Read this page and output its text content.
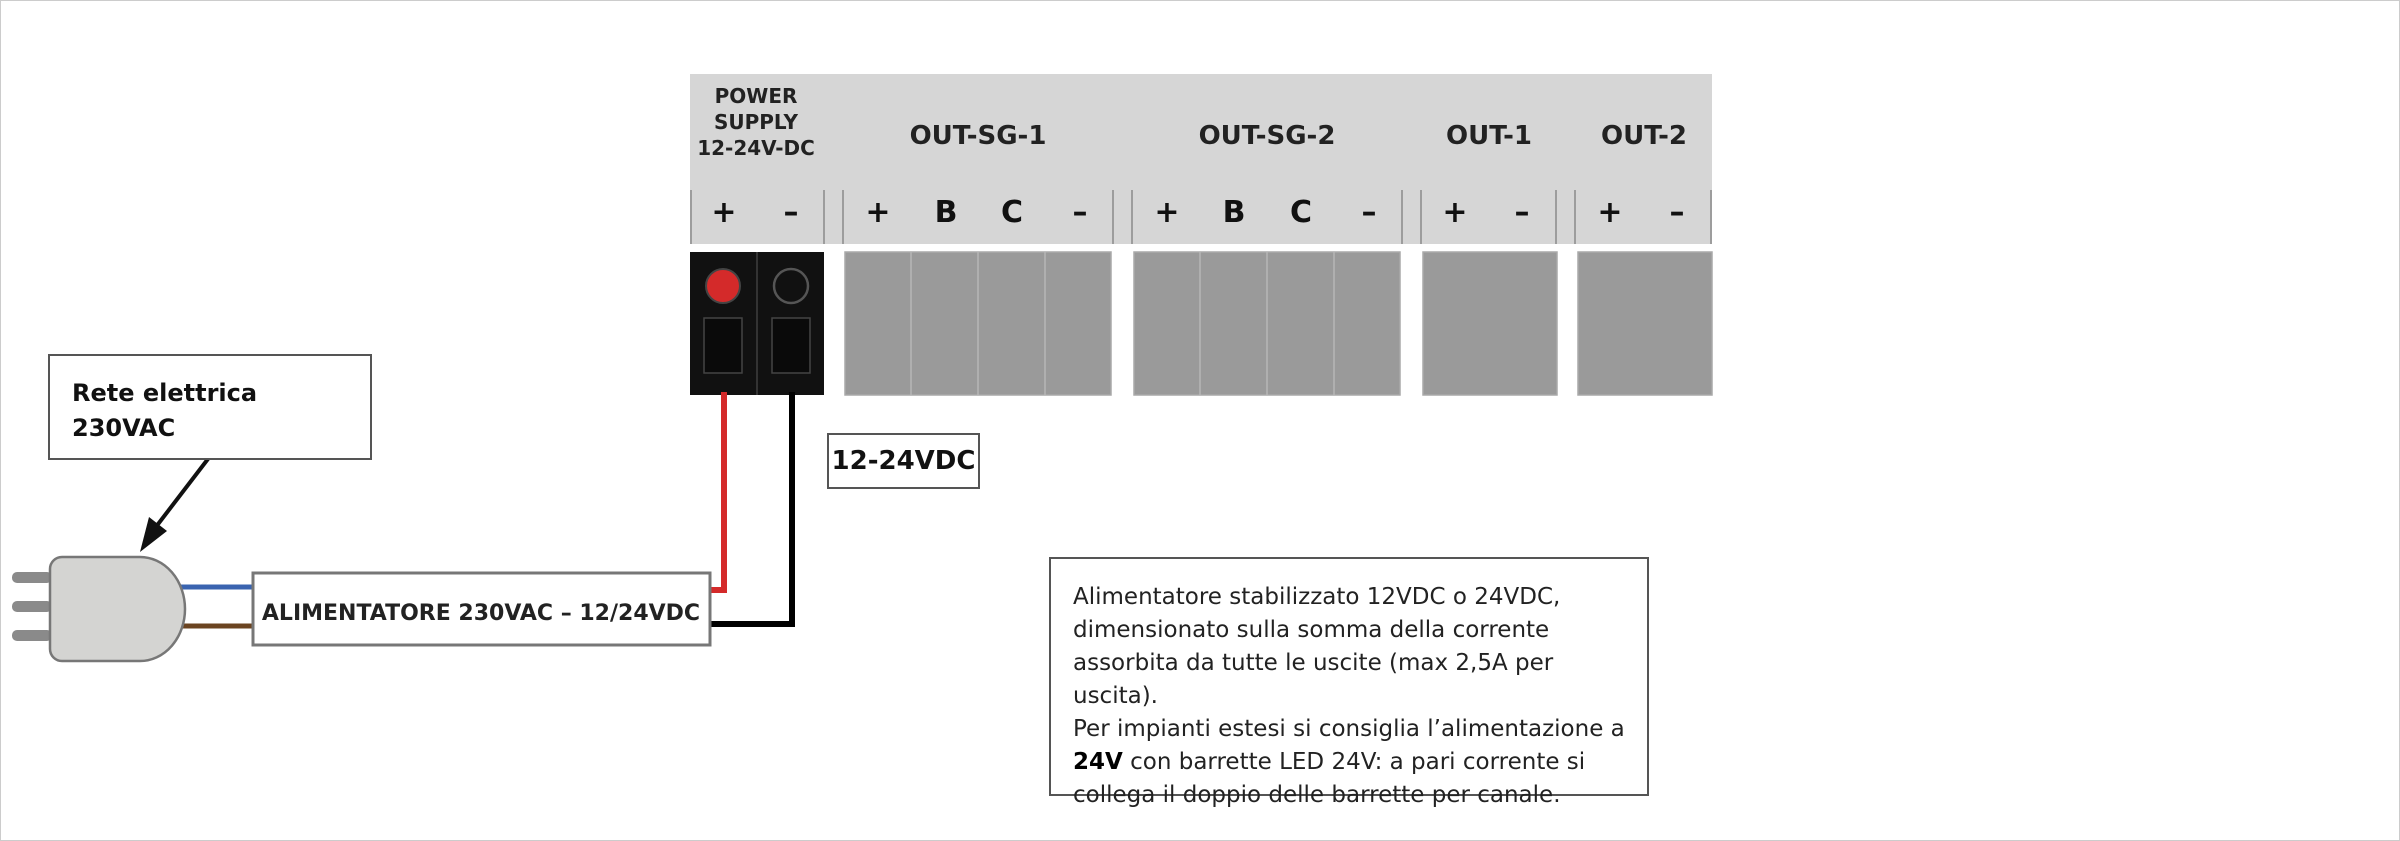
POWER
SUPPLY
12-24V-DC	OUT-SG-1	OUT-SG-2	OUT-1	OUT-2
+ – + B C – + B C – + – + –
ALIMENTATORE 230VAC – 12/24VDC
Rete elettrica
230VAC
12-24VDC
Alimentatore stabilizzato 12VDC o 24VDC,
dimensionato sulla somma della corrente
assorbita da tutte le uscite (max 2,5A per uscita).
Per impianti estesi si consiglia l’alimentazione a
24V con barrette LED 24V: a pari corrente si
collega il doppio delle barrette per canale.
